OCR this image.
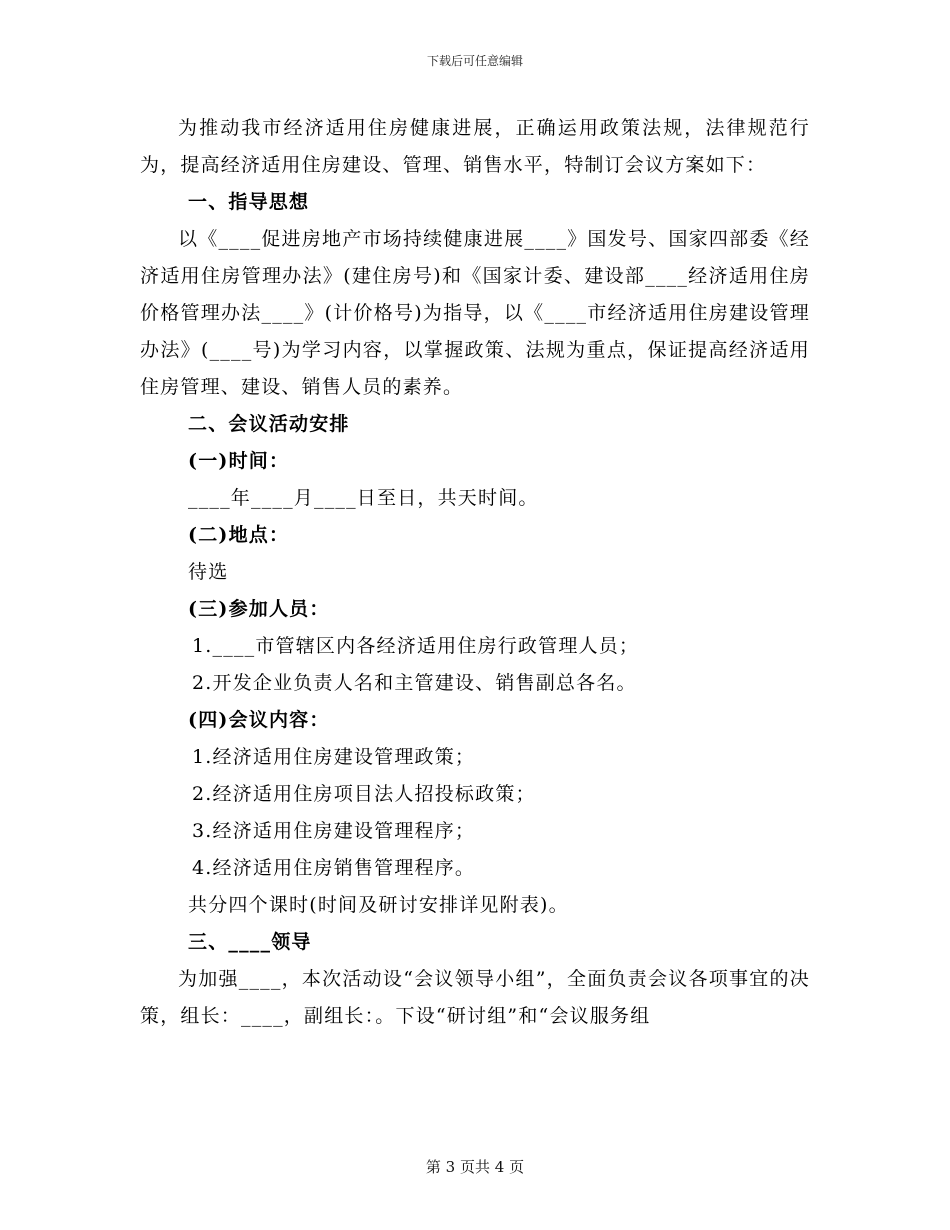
下载后可任意编辑

为推动我市经济适用住房健康进展，正确运用政策法规，法律规范行为，提高经济适用住房建设、管理、销售水平，特制订会议方案如下：

一、指导思想

以《____促进房地产市场持续健康进展____》国发号、国家四部委《经济适用住房管理办法》(建住房号)和《国家计委、建设部____经济适用住房价格管理办法____》(计价格号)为指导，以《____市经济适用住房建设管理办法》(____号)为学习内容，以掌握政策、法规为重点，保证提高经济适用住房管理、建设、销售人员的素养。

二、会议活动安排

(一)时间：

____年____月____日至日，共天时间。

(二)地点：

待选

(三)参加人员：

1.____市管辖区内各经济适用住房行政管理人员；

2.开发企业负责人名和主管建设、销售副总各名。

(四)会议内容：

1.经济适用住房建设管理政策；

2.经济适用住房项目法人招投标政策；

3.经济适用住房建设管理程序；

4.经济适用住房销售管理程序。

共分四个课时(时间及研讨安排详见附表)。

三、____领导

为加强____，本次活动设“会议领导小组”，全面负责会议各项事宜的决策，组长：____，副组长：。下设“研讨组”和“会议服务组

第 3 页共 4 页
